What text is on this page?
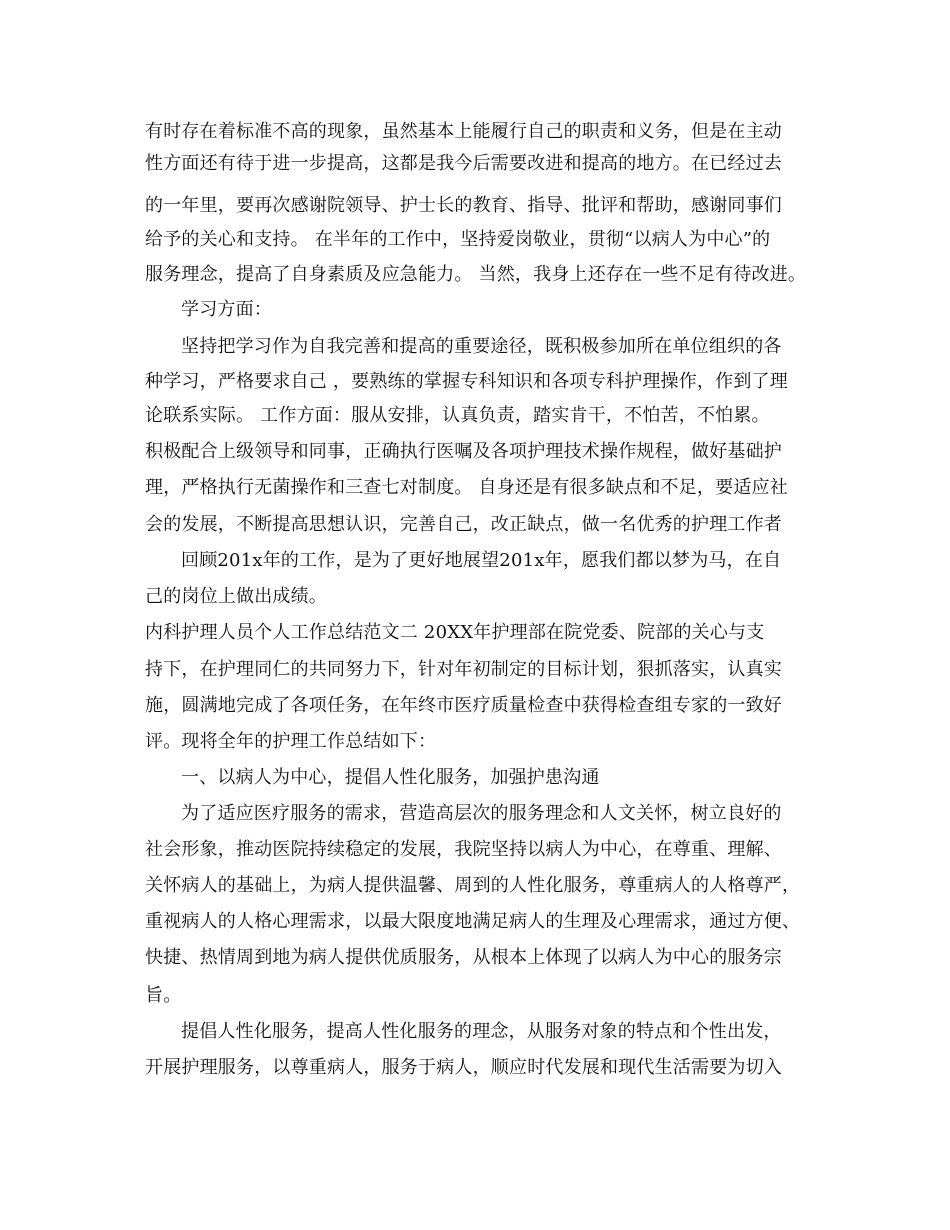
有时存在着标准不高的现象，虽然基本上能履行自己的职责和义务，但是在主动
性方面还有待于进一步提高，这都是我今后需要改进和提高的地方。在已经过去
的一年里，要再次感谢院领导、护士长的教育、指导、批评和帮助，感谢同事们
给予的关心和支持。 在半年的工作中，坚持爱岗敬业，贯彻“以病人为中心”的
服务理念，提高了自身素质及应急能力。 当然，我身上还存在一些不足有待改进。
学习方面：
坚持把学习作为自我完善和提高的重要途径，既积极参加所在单位组织的各
种学习，严格要求自己 ，要熟练的掌握专科知识和各项专科护理操作，作到了理
论联系实际。 工作方面：服从安排，认真负责，踏实肯干，不怕苦，不怕累。
积极配合上级领导和同事，正确执行医嘱及各项护理技术操作规程，做好基础护
理，严格执行无菌操作和三查七对制度。 自身还是有很多缺点和不足，要适应社
会的发展，不断提高思想认识，完善自己，改正缺点，做一名优秀的护理工作者
回顾201x年的工作，是为了更好地展望201x年，愿我们都以梦为马，在自
己的岗位上做出成绩。
内科护理人员个人工作总结范文二 20XX年护理部在院党委、院部的关心与支
持下，在护理同仁的共同努力下，针对年初制定的目标计划，狠抓落实，认真实
施，圆满地完成了各项任务，在年终市医疗质量检查中获得检查组专家的一致好
评。现将全年的护理工作总结如下：
一、以病人为中心，提倡人性化服务，加强护患沟通
为了适应医疗服务的需求，营造高层次的服务理念和人文关怀，树立良好的
社会形象，推动医院持续稳定的发展，我院坚持以病人为中心，在尊重、理解、
关怀病人的基础上，为病人提供温馨、周到的人性化服务，尊重病人的人格尊严，
重视病人的人格心理需求，以最大限度地满足病人的生理及心理需求，通过方便、
快捷、热情周到地为病人提供优质服务，从根本上体现了以病人为中心的服务宗
旨。
提倡人性化服务，提高人性化服务的理念，从服务对象的特点和个性出发，
开展护理服务，以尊重病人，服务于病人，顺应时代发展和现代生活需要为切入
